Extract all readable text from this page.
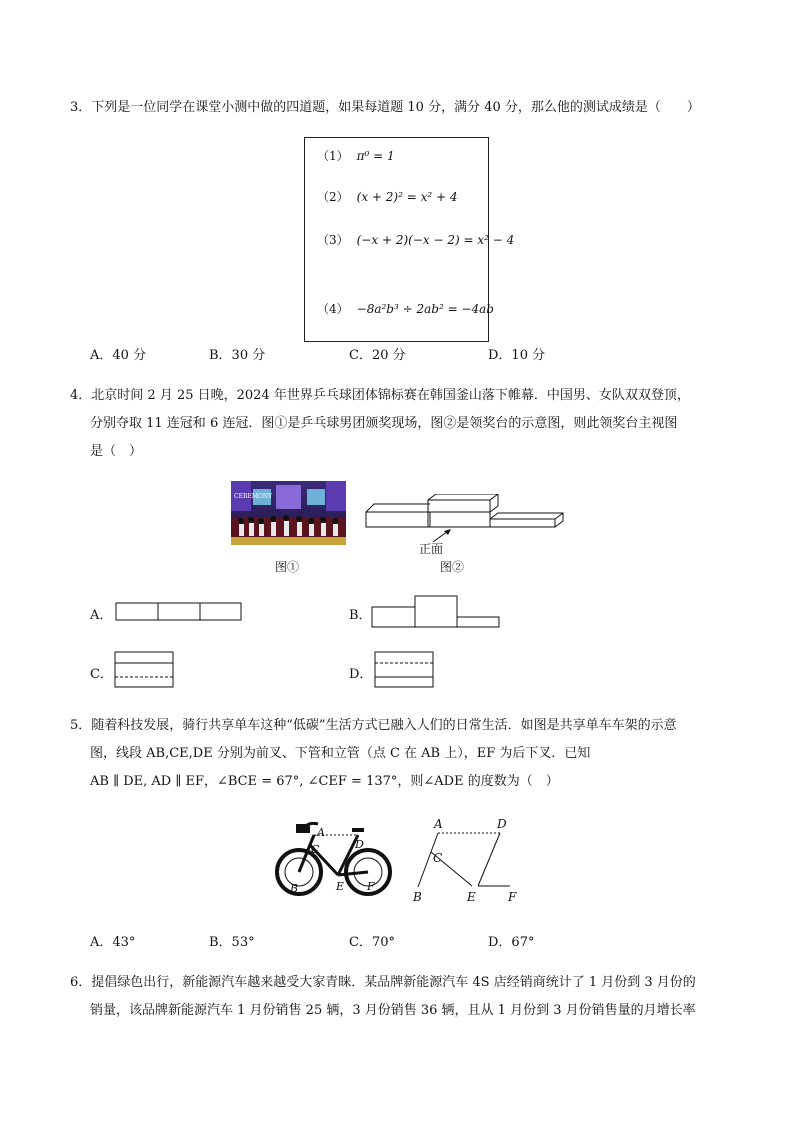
3．下列是一位同学在课堂小测中做的四道题，如果每道题 10 分，满分 40 分，那么他的测试成绩是（　　）
（1） π⁰ = 1
（2） (x + 2)² = x² + 4
（3） (−x + 2)(−x − 2) = x² − 4
（4） −8a²b³ ÷ 2ab² = −4ab
A．40 分	B．30 分	C．20 分	D．10 分
4．北京时间 2 月 25 日晚，2024 年世界乒乓球团体锦标赛在韩国釜山落下帷幕．中国男、女队双双登顶，
分别夺取 11 连冠和 6 连冠．图①是乒乓球男团颁奖现场，图②是领奖台的示意图，则此领奖台主视图
是（　）
CEREMONY
图①
正面
图②
A．	B．
C．	D．
5．随着科技发展，骑行共享单车这种“低碳”生活方式已融入人们的日常生活．如图是共享单车车架的示意
图，线段 AB,CE,DE 分别为前叉、下管和立管（点 C 在 AB 上），EF 为后下叉．已知
AB ∥ DE, AD ∥ EF，∠BCE = 67°, ∠CEF = 137°，则∠ADE 的度数为（　）
A
B
C	D
E F
A
B
C
D
E	F
A．43°	B．53°	C．70°	D．67°
6．提倡绿色出行，新能源汽车越来越受大家青睐．某品牌新能源汽车 4S 店经销商统计了 1 月份到 3 月份的
销量，该品牌新能源汽车 1 月份销售 25 辆，3 月份销售 36 辆，且从 1 月份到 3 月份销售量的月增长率
